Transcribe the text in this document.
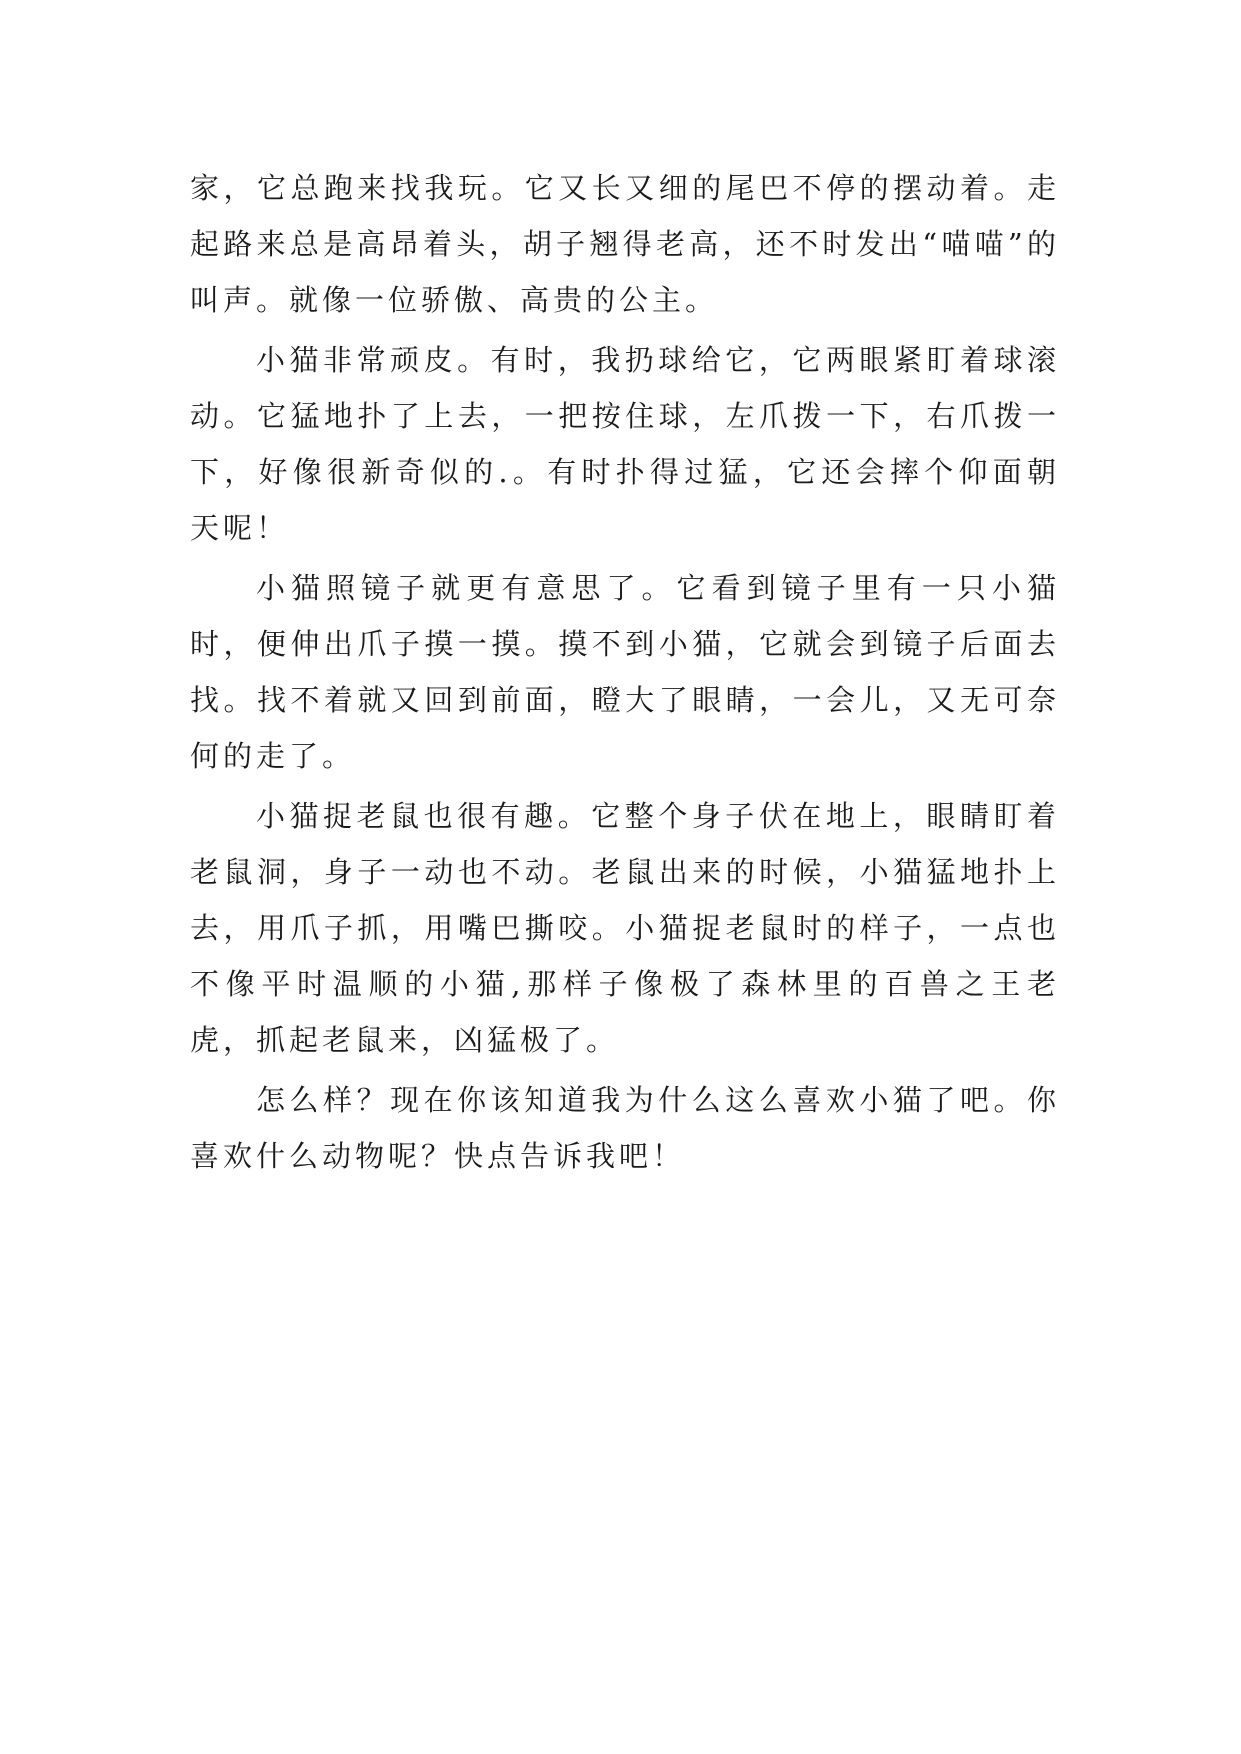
家，它总跑来找我玩。它又长又细的尾巴不停的摆动着。走起路来总是高昂着头，胡子翘得老高，还不时发出“喵喵”的叫声。就像一位骄傲、高贵的公主。

小猫非常顽皮。有时，我扔球给它，它两眼紧盯着球滚动。它猛地扑了上去，一把按住球，左爪拨一下，右爪拨一下，好像很新奇似的.。有时扑得过猛，它还会摔个仰面朝天呢！

小猫照镜子就更有意思了。它看到镜子里有一只小猫时，便伸出爪子摸一摸。摸不到小猫，它就会到镜子后面去找。找不着就又回到前面，瞪大了眼睛，一会儿，又无可奈何的走了。

小猫捉老鼠也很有趣。它整个身子伏在地上，眼睛盯着老鼠洞，身子一动也不动。老鼠出来的时候，小猫猛地扑上去，用爪子抓，用嘴巴撕咬。小猫捉老鼠时的样子，一点也不像平时温顺的小猫,那样子像极了森林里的百兽之王老虎，抓起老鼠来，凶猛极了。

怎么样？现在你该知道我为什么这么喜欢小猫了吧。你喜欢什么动物呢？快点告诉我吧！
